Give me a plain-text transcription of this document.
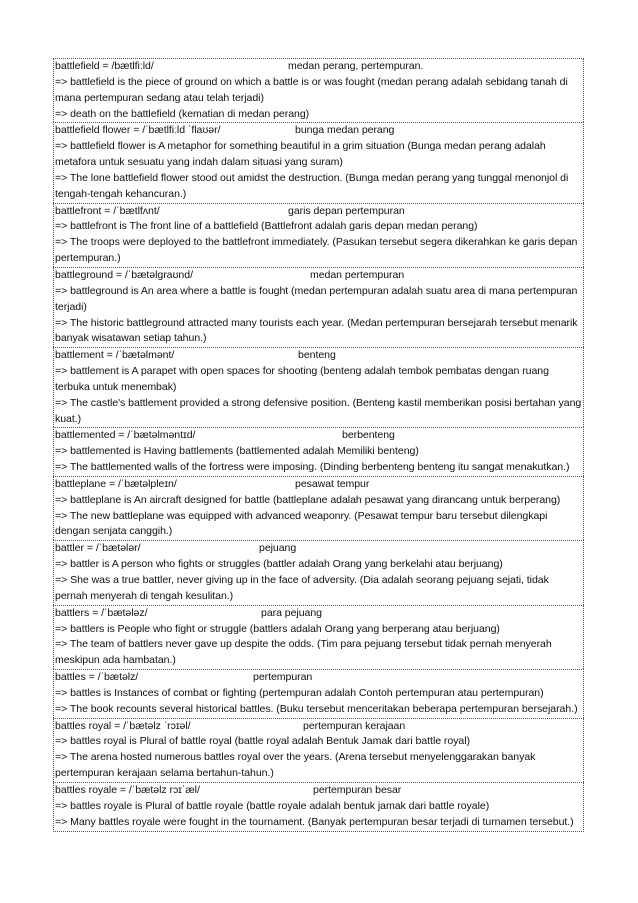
battlefield = /bætlfi:ld/	medan perang, pertempuran.
=> battlefield is the piece of ground on which a battle is or was fought (medan perang adalah sebidang tanah di mana pertempuran sedang atau telah terjadi)
=> death on the battlefield (kematian di medan perang)
battlefield flower = /ˈbætlfiːld ˈflaʊər/	bunga medan perang
=> battlefield flower is A metaphor for something beautiful in a grim situation (Bunga medan perang adalah metafora untuk sesuatu yang indah dalam situasi yang suram)
=> The lone battlefield flower stood out amidst the destruction. (Bunga medan perang yang tunggal menonjol di tengah-tengah kehancuran.)
battlefront = /ˈbætlfʌnt/	garis depan pertempuran
=> battlefront is The front line of a battlefield (Battlefront adalah garis depan medan perang)
=> The troops were deployed to the battlefront immediately. (Pasukan tersebut segera dikerahkan ke garis depan pertempuran.)
battleground = /ˈbætəlgraʊnd/	medan pertempuran
=> battleground is An area where a battle is fought (medan pertempuran adalah suatu area di mana pertempuran terjadi)
=> The historic battleground attracted many tourists each year. (Medan pertempuran bersejarah tersebut menarik banyak wisatawan setiap tahun.)
battlement = /ˈbætəlmənt/	benteng
=> battlement is A parapet with open spaces for shooting (benteng adalah tembok pembatas dengan ruang terbuka untuk menembak)
=> The castle's battlement provided a strong defensive position. (Benteng kastil memberikan posisi bertahan yang kuat.)
battlemented = /ˈbætəlməntɪd/	berbenteng
=> battlemented is Having battlements (battlemented adalah Memiliki benteng)
=> The battlemented walls of the fortress were imposing. (Dinding berbenteng benteng itu sangat menakutkan.)
battleplane = /ˈbætəlpleɪn/	pesawat tempur
=> battleplane is An aircraft designed for battle (battleplane adalah pesawat yang dirancang untuk berperang)
=> The new battleplane was equipped with advanced weaponry. (Pesawat tempur baru tersebut dilengkapi dengan senjata canggih.)
battler = /ˈbætələr/	pejuang
=> battler is A person who fights or struggles (battler adalah Orang yang berkelahi atau berjuang)
=> She was a true battler, never giving up in the face of adversity. (Dia adalah seorang pejuang sejati, tidak pernah menyerah di tengah kesulitan.)
battlers = /ˈbætələz/	para pejuang
=> battlers is People who fight or struggle (battlers adalah Orang yang berperang atau berjuang)
=> The team of battlers never gave up despite the odds. (Tim para pejuang tersebut tidak pernah menyerah meskipun ada hambatan.)
battles = /ˈbætəlz/	pertempuran
=> battles is Instances of combat or fighting (pertempuran adalah Contoh pertempuran atau pertempuran)
=> The book recounts several historical battles. (Buku tersebut menceritakan beberapa pertempuran bersejarah.)
battles royal = /ˈbætəlz ˈrɔɪəl/	pertempuran kerajaan
=> battles royal is Plural of battle royal (battle royal adalah Bentuk Jamak dari battle royal)
=> The arena hosted numerous battles royal over the years. (Arena tersebut menyelenggarakan banyak pertempuran kerajaan selama bertahun-tahun.)
battles royale = /ˈbætəlz rɔɪˈæl/	pertempuran besar
=> battles royale is Plural of battle royale (battle royale adalah bentuk jamak dari battle royale)
=> Many battles royale were fought in the tournament. (Banyak pertempuran besar terjadi di turnamen tersebut.)
